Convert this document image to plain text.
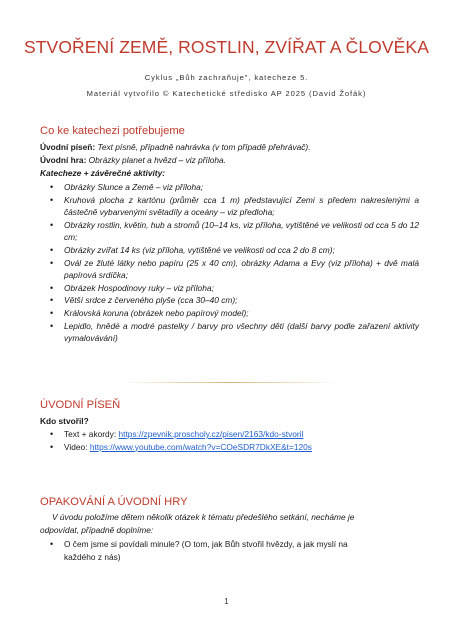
STVOŘENÍ ZEMĚ, ROSTLIN, ZVÍŘAT A ČLOVĚKA
Cyklus „Bůh zachraňuje", katecheze 5.
Materiál vytvořilo © Katechetické středisko AP 2025 (David Žofák)
Co ke katechezi potřebujeme
Úvodní píseň: Text písně, případně nahrávka (v tom případě přehrávač).
Úvodní hra: Obrázky planet a hvězd – viz příloha.
Katecheze + závěrečné aktivity:
• Obrázky Slunce a Země – viz příloha;
• Kruhová plocha z kartónu (průměr cca 1 m) představující Zemi s předem nakreslenými a částečně vybarvenými světadíly a oceány – viz předloha;
• Obrázky rostlin, květin, hub a stromů (10–14 ks, viz příloha, vytištěné ve velikosti od cca 5 do 12 cm;
• Obrázky zvířat 14 ks (viz příloha, vytištěné ve velikosti od cca 2 do 8 cm);
• Ovál ze žluté látky nebo papíru (25 x 40 cm), obrázky Adama a Evy (viz příloha) + dvě malá papírová srdíčka;
• Obrázek Hospodinovy ruky – viz příloha;
• Větší srdce z červeného plyše (cca 30–40 cm);
• Královská koruna (obrázek nebo papírový model);
• Lepidlo, hnědé a modré pastelky / barvy pro všechny děti (další barvy podle zařazení aktivity vymalovávání)
ÚVODNÍ PÍSEŇ
Kdo stvořil?
• Text + akordy: https://zpevnik.proscholy.cz/pisen/2163/kdo-stvoril
• Video: https://www.youtube.com/watch?v=COeSDR7DkXE&t=120s
OPAKOVÁNÍ A ÚVODNÍ HRY
V úvodu položíme dětem několik otázek k tématu předešlého setkání, necháme je
odpovídat, případně doplníme:
• O čem jsme si povídali minule? (O tom, jak Bůh stvořil hvězdy, a jak myslí na
každého z nás)
1
